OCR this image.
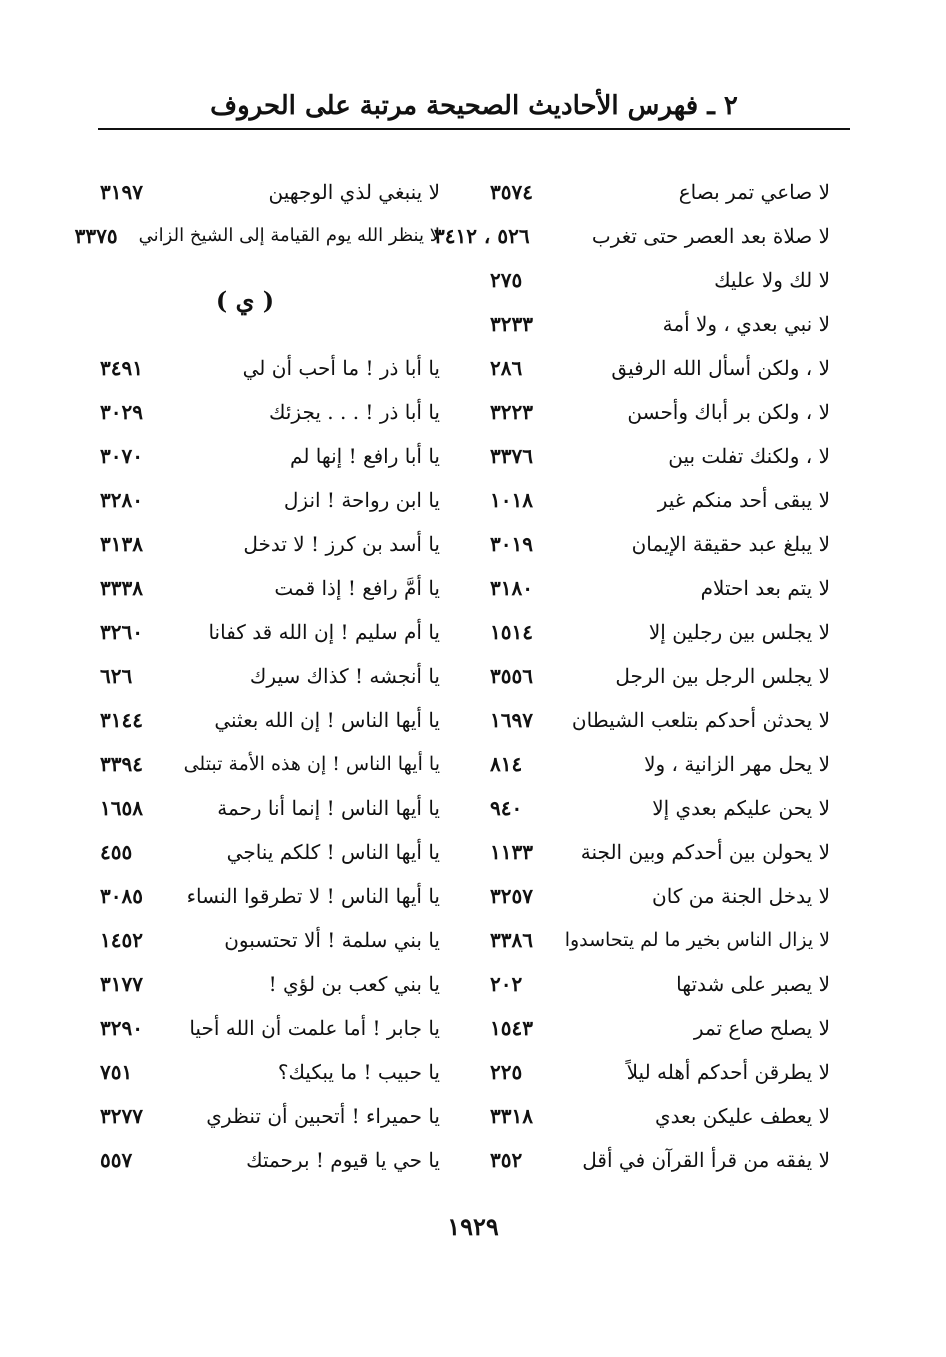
٢ ـ فهرس الأحاديث الصحيحة مرتبة على الحروف
لا صاعي تمر بصاع
٣٥٧٤
لا صلاة بعد العصر حتى تغرب
٥٢٦ ، ٣٤١٢
لا لك ولا عليك
٢٧٥
لا نبي بعدي ، ولا أمة
٣٢٣٣
لا ، ولكن أسأل الله الرفيق
٢٨٦
لا ، ولكن بر أباك وأحسن
٣٢٢٣
لا ، ولكنك تفلت بين
٣٣٧٦
لا يبقى أحد منكم غير
١٠١٨
لا يبلغ عبد حقيقة الإيمان
٣٠١٩
لا يتم بعد احتلام
٣١٨٠
لا يجلس بين رجلين إلا
١٥١٤
لا يجلس الرجل بين الرجل
٣٥٥٦
لا يحدثن أحدكم بتلعب الشيطان
١٦٩٧
لا يحل مهر الزانية ، ولا
٨١٤
لا يحن عليكم بعدي إلا
٩٤٠
لا يحولن بين أحدكم وبين الجنة
١١٣٣
لا يدخل الجنة من كان
٣٢٥٧
لا يزال الناس بخير ما لم يتحاسدوا
٣٣٨٦
لا يصبر على شدتها
٢٠٢
لا يصلح صاع تمر
١٥٤٣
لا يطرقن أحدكم أهله ليلاً
٢٢٥
لا يعطف عليكن بعدي
٣٣١٨
لا يفقه من قرأ القرآن في أقل
٣٥٢
لا ينبغي لذي الوجهين
٣١٩٧
لا ينظر الله يوم القيامة إلى الشيخ الزاني
٣٣٧٥
( ي )
يا أبا ذر ! ما أحب أن لي
٣٤٩١
يا أبا ذر ! . . . يجزئك
٣٠٢٩
يا أبا رافع ! إنها لم
٣٠٧٠
يا ابن رواحة ! انزل
٣٢٨٠
يا أسد بن كرز ! لا تدخل
٣١٣٨
يا أمَّ رافع ! إذا قمت
٣٣٣٨
يا أم سليم ! إن الله قد كفانا
٣٢٦٠
يا أنجشه ! كذاك سيرك
٦٢٦
يا أيها الناس ! إن الله بعثني
٣١٤٤
يا أيها الناس ! إن هذه الأمة تبتلى
٣٣٩٤
يا أيها الناس ! إنما أنا رحمة
١٦٥٨
يا أيها الناس ! كلكم يناجي
٤٥٥
يا أيها الناس ! لا تطرقوا النساء
٣٠٨٥
يا بني سلمة ! ألا تحتسبون
١٤٥٢
يا بني كعب بن لؤي !
٣١٧٧
يا جابر ! أما علمت أن الله أحيا
٣٢٩٠
يا حبيب ! ما يبكيك؟
٧٥١
يا حميراء ! أتحبين أن تنظري
٣٢٧٧
يا حي يا قيوم ! برحمتك
٥٥٧
١٩٢٩
